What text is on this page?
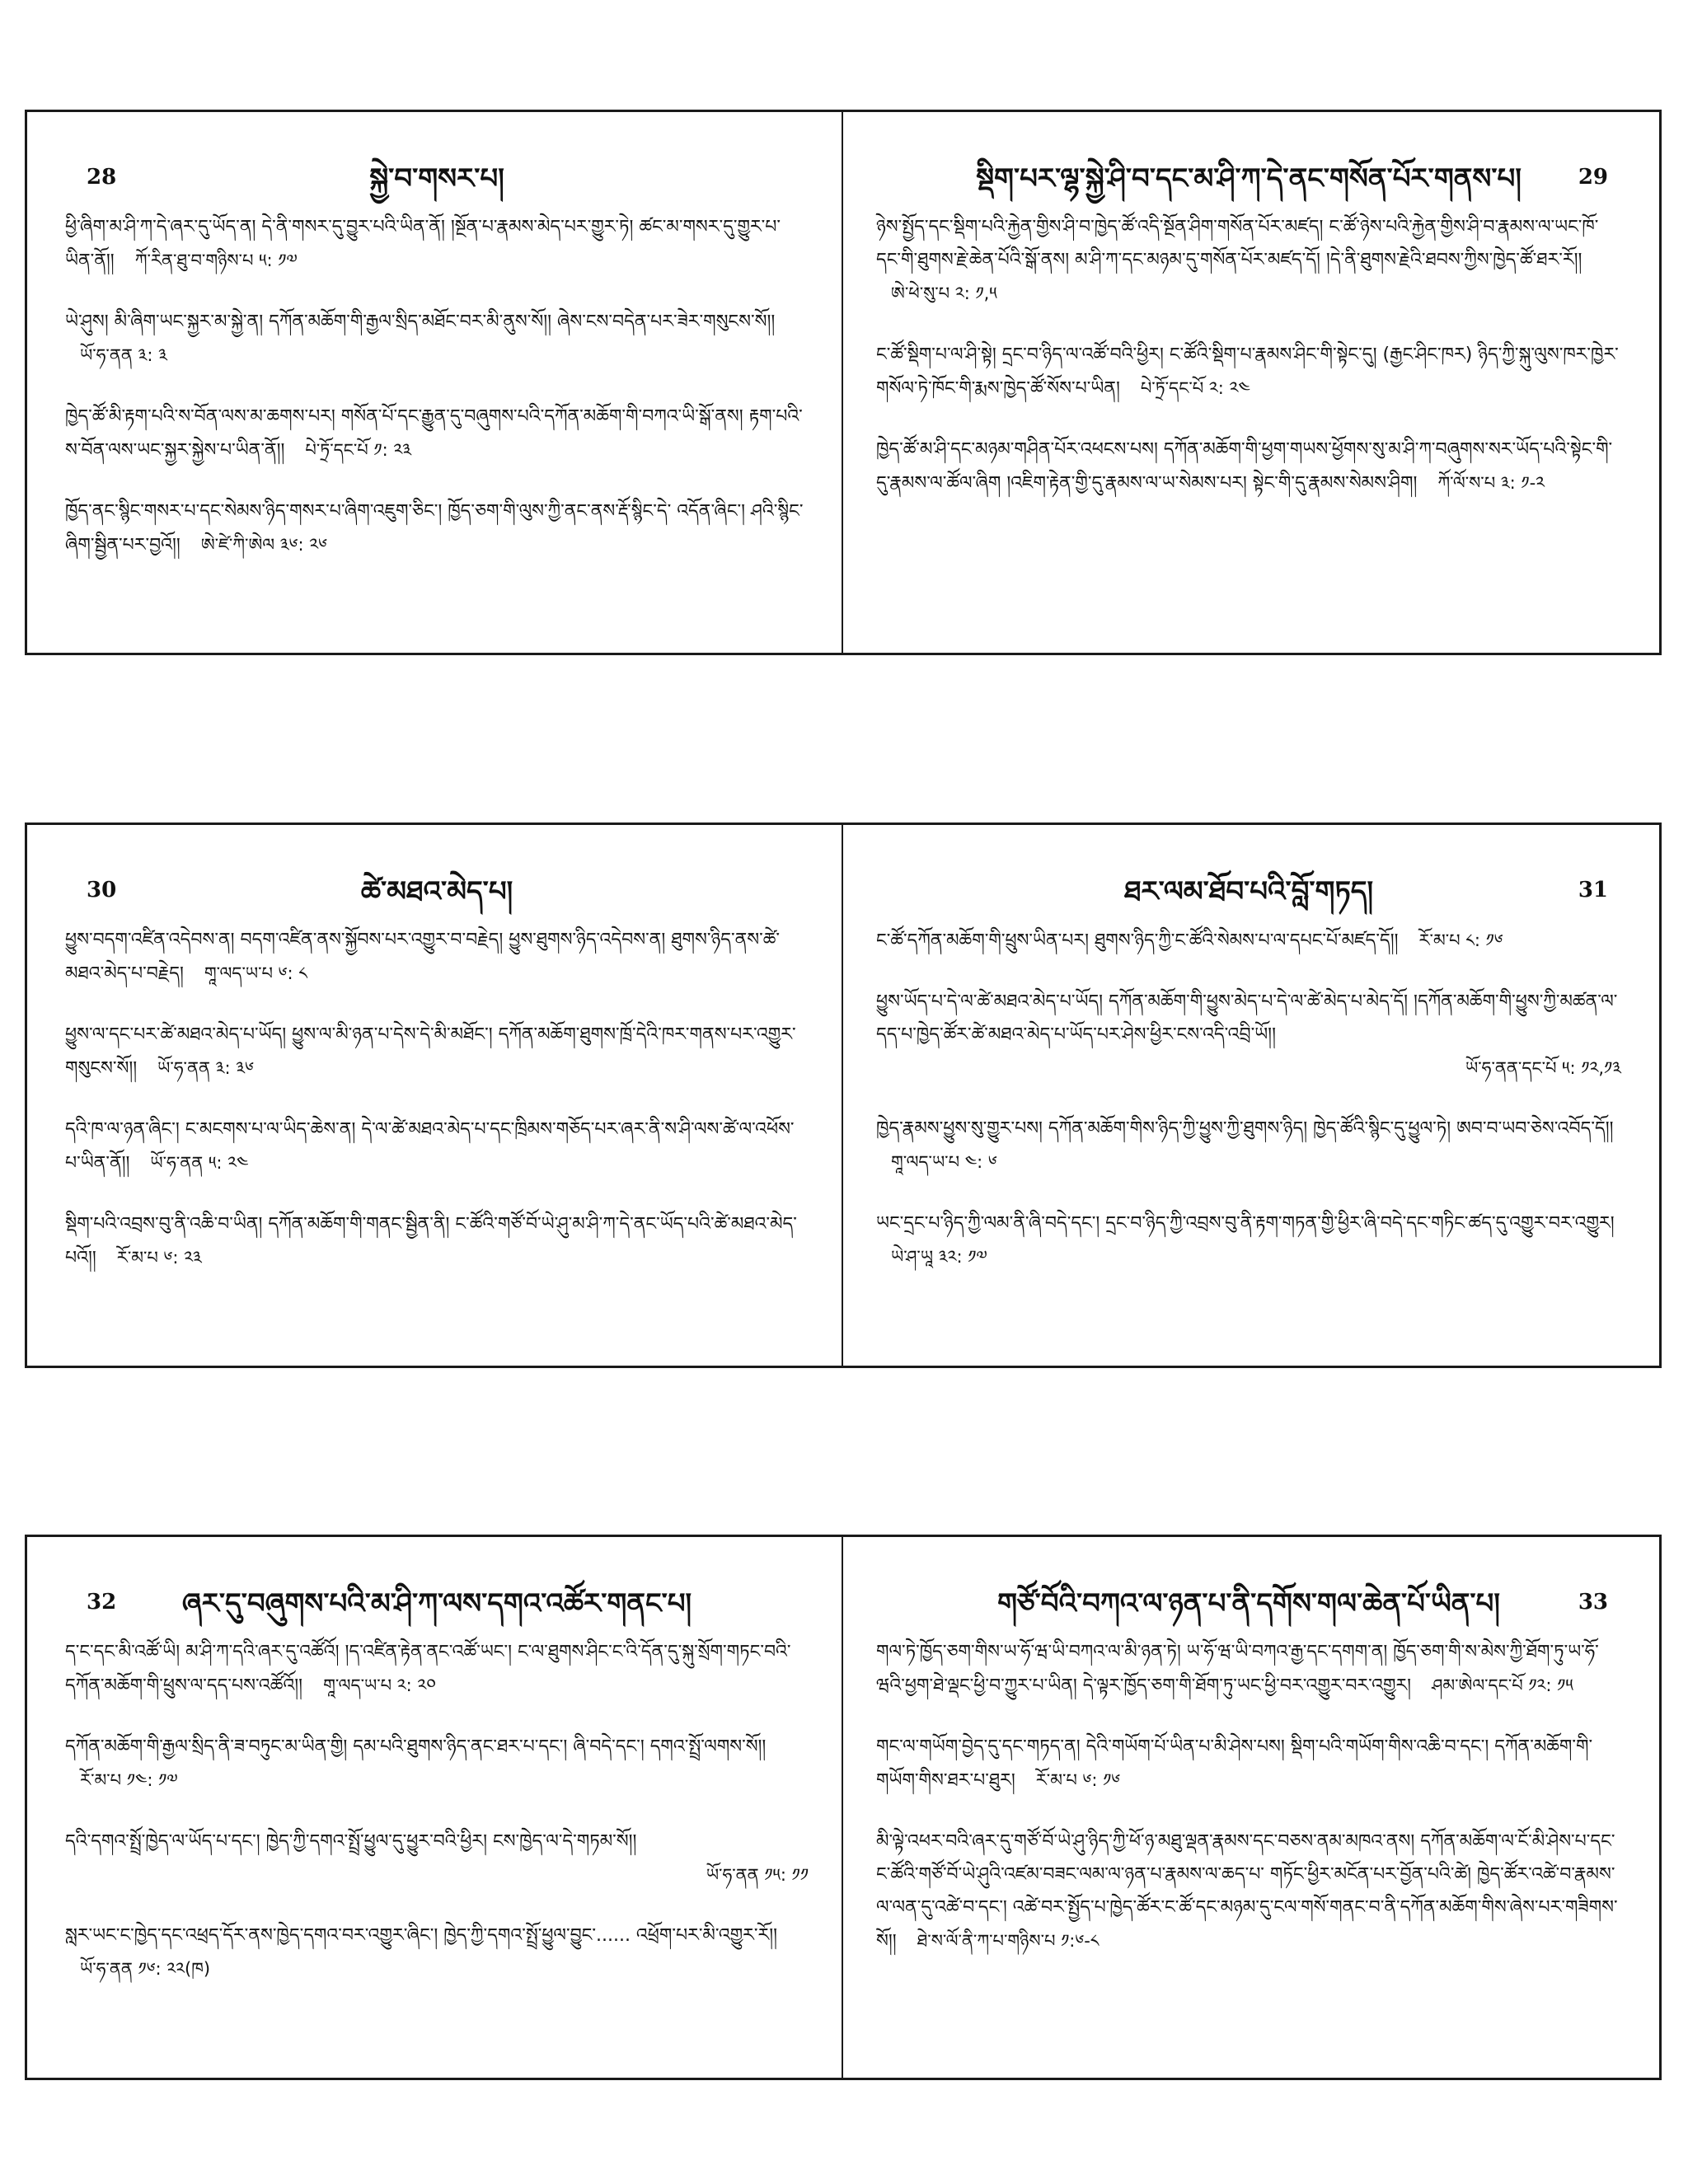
28	སྐྱེ་བ་གསར་པ།
ཕྱི་ཞིག་མ་ཤི་ཀ་དེ་ཞར་དུ་ཡོད་ན། དེ་ནི་གསར་དུ་བྱུར་པའི་ཡིན་ནོ། །སྔོན་པ་རྣམས་མེད་པར་གྱུར་ཏེ། ཚང་མ་གསར་དུ་གྱུར་པ་ཡིན་ནོ།། ཀོ་རིན་ཐུ་བ་གཉིས་པ ༥: ༡༧
ཡེ་ཤུས། མི་ཞིག་ཡང་སྐྱར་མ་སྐྱེ་ན། དཀོན་མཆོག་གི་རྒྱལ་སྲིད་མཐོང་བར་མི་ནུས་སོ།། ཞེས་ངས་བདེན་པར་ཟེར་གསུངས་སོ།། ཡོ་ཧ་ནན ༣: ༣
ཁྱེད་ཚོ་མི་རྟག་པའི་ས་བོན་ལས་མ་ཆགས་པར། གསོན་པོ་དང་རྒྱུན་དུ་བཞུགས་པའི་དཀོན་མཆོག་གི་བཀའ་ཡི་སྒོ་ནས། རྟག་པའི་ས་བོན་ལས་ཡང་སྐྱར་སྐྱེས་པ་ཡིན་ནོ།། པེ་ཏྲོ་དང་པོ ༡: ༢༣
ཁྱོད་ནང་སྙིང་གསར་པ་དང་སེམས་ཉིད་གསར་པ་ཞིག་འཇུག་ཅིང་། ཁྱོད་ཅག་གི་ལུས་ཀྱི་ནང་ནས་རྡོ་སྙིང་དེ་ འདོན་ཞིང་། ཤའི་སྙིང་ཞིག་སྦྱིན་པར་བྱའོ།། ཨེ་ཛེ་ཀི་ཨེལ ༣༦: ༢༦
29
སྡིག་པར་ལྷ་སྐྱེ་ཤི་བ་དང་མ་ཤི་ཀ་དེ་ནང་གསོན་པོར་གནས་པ།
ཉེས་སྤྱོད་དང་སྡིག་པའི་རྐྱེན་གྱིས་ཤི་བ་ཁྱེད་ཚོ་འདི་སྔོན་ཤིག་གསོན་པོར་མཛད། ང་ཚོ་ཉེས་པའི་རྐྱེན་གྱིས་ཤི་བ་རྣམས་ལ་ཡང་ཁོ་དང་གི་ཐུགས་རྗེ་ཆེན་པོའི་སྒོ་ནས། མ་ཤི་ཀ་དང་མཉམ་དུ་གསོན་པོར་མཛད་དོ། །དེ་ནི་ཐུགས་རྗེའི་ཐབས་ཀྱིས་ཁྱེད་ཚོ་ཐར་རོ།། ཨེ་ཕེ་སུ་པ ༢: ༡,༥
ང་ཚོ་སྡིག་པ་ལ་ཤི་སྟེ། དྲང་བ་ཉིད་ལ་འཚོ་བའི་ཕྱིར། ང་ཚོའི་སྡིག་པ་རྣམས་ཤིང་གི་སྟེང་དུ། (རྒྱང་ཤིང་ཁར) ཉིད་ཀྱི་སྐུ་ལུས་ཁར་ཁྱེར་གསོལ་ཏེ་ཁོང་གི་རྨས་ཁྱེད་ཚོ་སོས་པ་ཡིན། པེ་ཏྲོ་དང་པོ ༢: ༢༤
ཁྱེད་ཚོ་མ་ཤི་དང་མཉམ་གཤིན་པོར་འཕངས་པས། དཀོན་མཆོག་གི་ཕྱག་གཡས་ཕྱོགས་སུ་མ་ཤི་ཀ་བཞུགས་སར་ཡོད་པའི་སྟེང་གི་དུ་རྣམས་ལ་ཚོལ་ཞིག །འཇིག་རྟེན་གྱི་དུ་རྣམས་ལ་ཡ་སེམས་པར། སྟེང་གི་དུ་རྣམས་སེམས་ཤིག། ཀོ་ལོ་ས་པ ༣: ༡-༢
30	ཚེ་མཐའ་མེད་པ།
ཕྱུས་བདག་འཛིན་འདེབས་ན། བདག་འཛིན་ནས་སྐྱོབས་པར་འགྱུར་བ་བརྗེད། ཕྱུས་ཐུགས་ཉིད་འདེབས་ན། ཐུགས་ཉིད་ནས་ཚེ་མཐའ་མེད་པ་བརྗེད། གཱ་ལད་ཡ་པ ༦: ༨
ཕྱུས་ལ་དང་པར་ཚེ་མཐའ་མེད་པ་ཡོད། ཕྱུས་ལ་མི་ཉན་པ་དེས་དེ་མི་མཐོང་། དཀོན་མཆོག་ཐུགས་ཁྲོ་དེའི་ཁར་གནས་པར་འགྱུར་གསུངས་སོ།། ཡོ་ཧ་ནན ༣: ༣༦
དའི་ཁ་ལ་ཉན་ཞིང་། ང་མངགས་པ་ལ་ཡིད་ཆེས་ན། དེ་ལ་ཚེ་མཐའ་མེད་པ་དང་ཁྲིམས་གཅོད་པར་ཞར་ནི་ས་ཤི་ལས་ཚེ་ལ་འཕོས་པ་ཡིན་ནོ།། ཡོ་ཧ་ནན ༥: ༢༤
སྡིག་པའི་འབྲས་བུ་ནི་འཆི་བ་ཡིན། དཀོན་མཆོག་གི་གནང་སྦྱིན་ནི། ང་ཚོའི་གཙོ་བོ་ཡེ་ཤུ་མ་ཤི་ཀ་དེ་ནང་ཡོད་པའི་ཚེ་མཐའ་མེད་པའོ།། རོ་མ་པ ༦: ༢༣
31
ཐར་ལམ་ཐོབ་པའི་བློ་གཏད།
ང་ཚོ་དཀོན་མཆོག་གི་ཕྲུས་ཡིན་པར། ཐུགས་ཉིད་ཀྱི་ང་ཚོའི་སེམས་པ་ལ་དཔང་པོ་མཛད་དོ།། རོ་མ་པ ༨: ༡༦
ཕྱུས་ཡོད་པ་དེ་ལ་ཚེ་མཐའ་མེད་པ་ཡོད། དཀོན་མཆོག་གི་ཕྱུས་མེད་པ་དེ་ལ་ཚེ་མེད་པ་མེད་དོ། །དཀོན་མཆོག་གི་ཕྱུས་ཀྱི་མཚན་ལ་དད་པ་ཁྱེད་ཚོར་ཚེ་མཐའ་མེད་པ་ཡོད་པར་ཤེས་ཕྱིར་ངས་འདི་འབྲི་ཡོ།།
ཡོ་ཧ་ནན་དང་པོ ༥: ༡༢,༡༣
ཁྱེད་རྣམས་ཕྱུས་སུ་གྱུར་པས། དཀོན་མཆོག་གིས་ཉིད་ཀྱི་ཕྱུས་ཀྱི་ཐུགས་ཉིད། ཁྱེད་ཚོའི་སྙིང་དུ་ཕྱུལ་ཏེ། ཨབ་བ་ཡབ་ཅེས་འབོད་དོ།། གཱ་ལད་ཡ་པ ༤: ༦
ཡང་དྲང་པ་ཉིད་ཀྱི་ལམ་ནི་ཞི་བདེ་དང་། དྲང་བ་ཉིད་ཀྱི་འབྲས་བུ་ནི་རྟག་གཏན་གྱི་ཕྱིར་ཞི་བདེ་དང་གཏིང་ཚད་དུ་འགྱུར་བར་འགྱུར། ཡེ་ཤ་ཡཱ ༣༢: ༡༧
32	ཞར་དུ་བཞུགས་པའི་མ་ཤི་ཀ་ལས་དགའ་འཚོར་གནང་པ།
ད་ང་དང་མི་འཚོ་ཡི། མ་ཤི་ཀ་དའི་ཞར་དུ་འཚོའོ། །ད་འཛིན་རྟེན་ནང་འཚོ་ཡང་། ང་ལ་ཐུགས་ཤིང་ང་འི་དོན་དུ་སྐུ་སྲོག་གཏང་བའི་དཀོན་མཆོག་གི་ཕྲུས་ལ་དད་པས་འཚོའོ།། གཱ་ལད་ཡ་པ ༢: ༢༠
དཀོན་མཆོག་གི་རྒྱལ་སྲིད་ནི་ཟ་བཏུང་མ་ཡིན་གྱི། དམ་པའི་ཐུགས་ཉིད་ནང་ཐར་པ་དང་། ཞི་བདེ་དང་། དགའ་སྤྲོ་ལགས་སོ།། རོ་མ་པ ༡༤: ༡༧
དའི་དགའ་སྤྲོ་ཁྱེད་ལ་ཡོད་པ་དང་། ཁྱེད་ཀྱི་དགའ་སྤྲོ་ཕྱུལ་དུ་ཕྱུར་བའི་ཕྱིར། ངས་ཁྱེད་ལ་དེ་གཏམ་སོ།།
ཡོ་ཧ་ནན ༡༥: ༡༡
སླར་ཡང་ང་ཁྱེད་དང་འཕྲད་དོར་ནས་ཁྱེད་དགའ་བར་འགྱུར་ཞིང་། ཁྱེད་ཀྱི་དགའ་སྤྲོ་ཕྱུལ་བྱུང་...... འཕྲོག་པར་མི་འགྱུར་རོ།། ཡོ་ཧ་ནན ༡༦: ༢༢(ཁ)
33
གཙོ་བོའི་བཀའ་ལ་ཉན་པ་ནི་དགོས་གལ་ཆེན་པོ་ཡིན་པ།
གལ་ཏེ་ཁྱོད་ཅག་གིས་ཡ་ཧོ་ཝ་ཡི་བཀའ་ལ་མི་ཉན་ཏེ། ཡ་ཧོ་ཝ་ཡི་བཀའ་རྒྱ་དང་དགག་ན། ཁྱོད་ཅག་གི་ས་མེས་ཀྱི་ཐོག་ཏུ་ཡ་ཧོ་ཝའི་ཕྱག་ཐེ་ལྡང་ཕྱི་བ་ཀྱུར་པ་ཡིན། དེ་ལྟར་ཁྱོད་ཅག་གི་ཐོག་ཏུ་ཡང་ཕྱི་བར་འགྱུར་བར་འགྱུར། ཤམ་ཨེལ་དང་པོ ༡༢: ༡༥
གང་ལ་གཡོག་བྱེད་དུ་དང་གཏད་ན། དེའི་གཡོག་པོ་ཡིན་པ་མི་ཤེས་པས། སྡིག་པའི་གཡོག་གིས་འཆི་བ་དང་། དཀོན་མཆོག་གི་གཡོག་གིས་ཐར་པ་ཐུར། རོ་མ་པ ༦: ༡༦
མི་ལྟེ་འཕར་བའི་ཞར་དུ་གཙོ་བོ་ཡེ་ཤུ་ཉིད་ཀྱི་ཕོ་ཉ་མཐུ་ལྡན་རྣམས་དང་བཅས་ནམ་མཁའ་ནས། དཀོན་མཆོག་ལ་ངོ་མི་ཤེས་པ་དང་ང་ཚོའི་གཙོ་བོ་ཡེ་ཤུའི་འཛམ་བཟང་ལམ་ལ་ཉན་པ་རྣམས་ལ་ཆད་པ་ གཏོང་ཕྱིར་མངོན་པར་བྱོན་པའི་ཚེ། ཁྱེད་ཚོར་འཚེ་བ་རྣམས་ལ་ལན་དུ་འཚེ་བ་དང་། འཚེ་བར་སྤྱོད་པ་ཁྱེད་ཚོར་ང་ཚོ་དང་མཉམ་དུ་ངལ་གསོ་གནང་བ་ནི་དཀོན་མཆོག་གིས་ཞེས་པར་གཟིགས་སོ།། ཐེ་ས་ལོ་ནི་ཀ་པ་གཉིས་པ ༡:༦-༨
